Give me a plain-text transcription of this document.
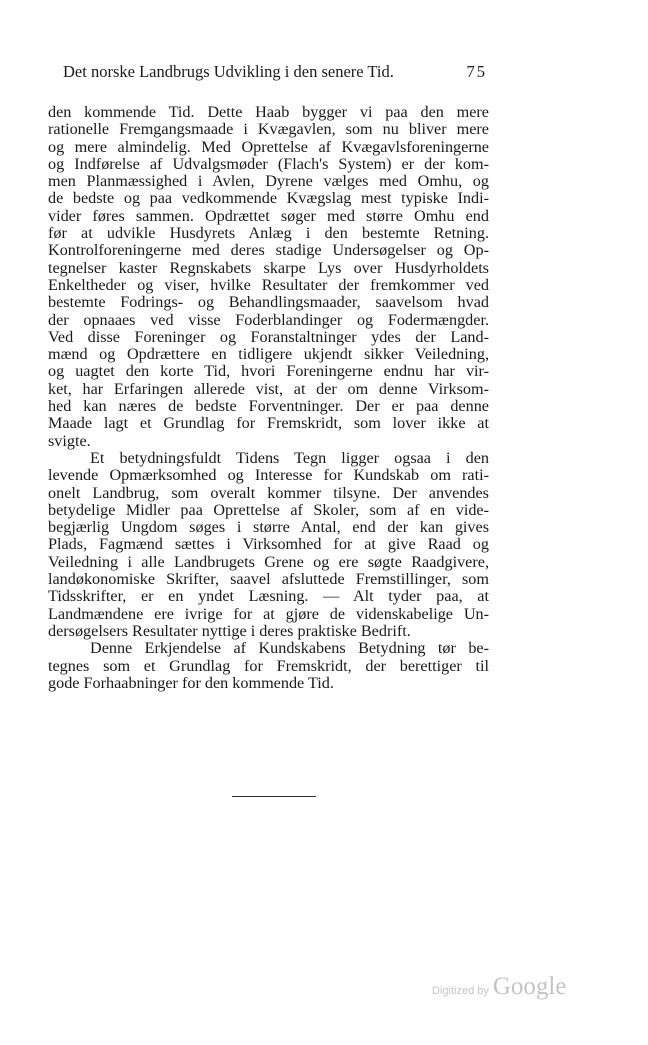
Det norske Landbrugs Udvikling i den senere Tid.	75
den kommende Tid. Dette Haab bygger vi paa den mere
rationelle Fremgangsmaade i Kvægavlen, som nu bliver mere
og mere almindelig. Med Oprettelse af Kvægavlsforeningerne
og Indførelse af Udvalgsmøder (Flach's System) er der kom-
men Planmæssighed i Avlen, Dyrene vælges med Omhu, og
de bedste og paa vedkommende Kvægslag mest typiske Indi-
vider føres sammen. Opdrættet søger med større Omhu end
før at udvikle Husdyrets Anlæg i den bestemte Retning.
Kontrolforeningerne med deres stadige Undersøgelser og Op-
tegnelser kaster Regnskabets skarpe Lys over Husdyrholdets
Enkeltheder og viser, hvilke Resultater der fremkommer ved
bestemte Fodrings- og Behandlingsmaader, saavelsom hvad
der opnaaes ved visse Foderblandinger og Fodermængder.
Ved disse Foreninger og Foranstaltninger ydes der Land-
mænd og Opdrættere en tidligere ukjendt sikker Veiledning,
og uagtet den korte Tid, hvori Foreningerne endnu har vir-
ket, har Erfaringen allerede vist, at der om denne Virksom-
hed kan næres de bedste Forventninger. Der er paa denne
Maade lagt et Grundlag for Fremskridt, som lover ikke at
svigte.
Et betydningsfuldt Tidens Tegn ligger ogsaa i den
levende Opmærksomhed og Interesse for Kundskab om rati-
onelt Landbrug, som overalt kommer tilsyne. Der anvendes
betydelige Midler paa Oprettelse af Skoler, som af en vide-
begjærlig Ungdom søges i større Antal, end der kan gives
Plads, Fagmænd sættes i Virksomhed for at give Raad og
Veiledning i alle Landbrugets Grene og ere søgte Raadgivere,
landøkonomiske Skrifter, saavel afsluttede Fremstillinger, som
Tidsskrifter, er en yndet Læsning. — Alt tyder paa, at
Landmændene ere ivrige for at gjøre de videnskabelige Un-
dersøgelsers Resultater nyttige i deres praktiske Bedrift.
Denne Erkjendelse af Kundskabens Betydning tør be-
tegnes som et Grundlag for Fremskridt, der berettiger til
gode Forhaabninger for den kommende Tid.
Digitized by Google
